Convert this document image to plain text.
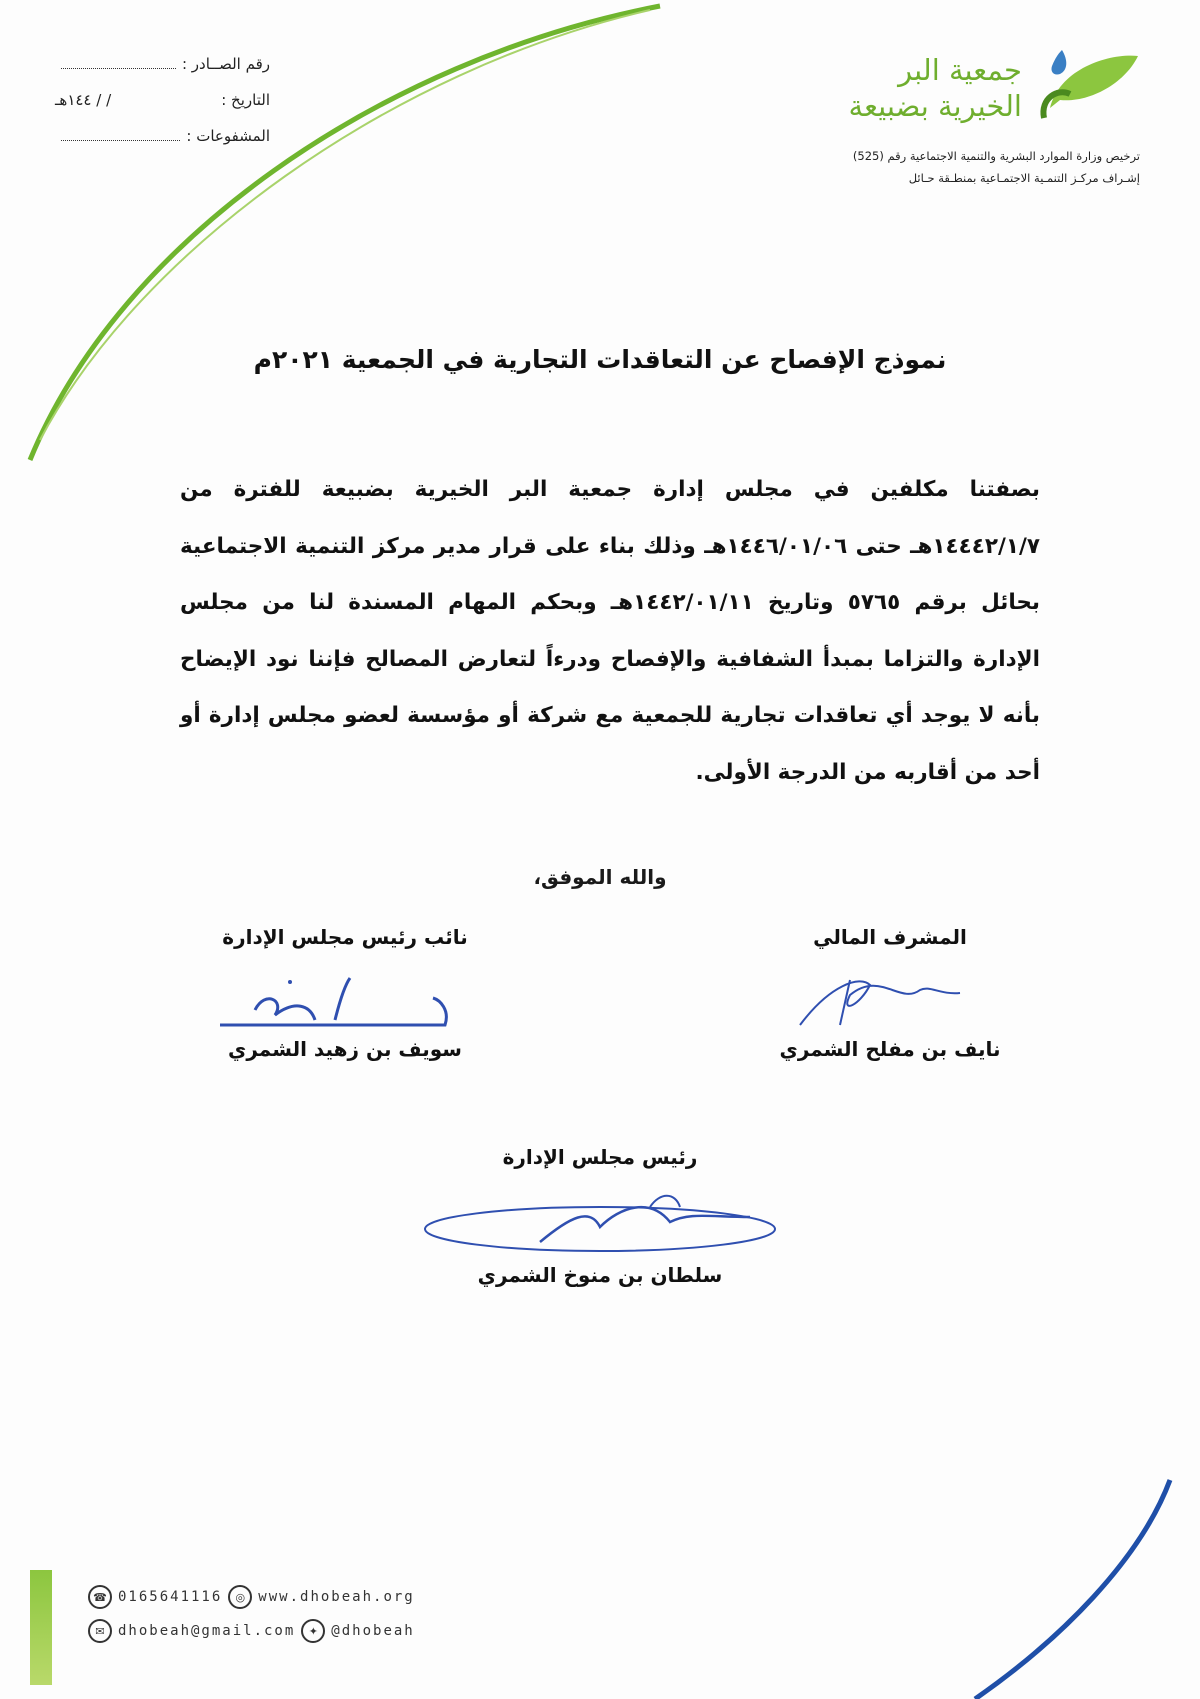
جمعية البر
الخيرية بضبيعة
ترخيص وزارة الموارد البشرية والتنمية الاجتماعية رقم (525)
إشـراف مركـز التنمـية الاجتمـاعية بمنطـقة حـائل
رقم الصــادر :
التاريخ :
/ / ١٤٤هـ
المشفوعات :
نموذج الإفصاح عن التعاقدات التجارية في الجمعية ٢٠٢١م
بصفتنا مكلفين في مجلس إدارة جمعية البر الخيرية بضبيعة للفترة من ١٤٤٤٢/١/٧هـ حتى ١٤٤٦/٠١/٠٦هـ وذلك بناء على قرار مدير مركز التنمية الاجتماعية بحائل برقم ٥٧٦٥ وتاريخ ١٤٤٢/٠١/١١هـ وبحكم المهام المسندة لنا من مجلس الإدارة والتزاما بمبدأ الشفافية والإفصاح ودرءاً لتعارض المصالح فإننا نود الإيضاح بأنه لا يوجد أي تعاقدات تجارية للجمعية مع شركة أو مؤسسة لعضو مجلس إدارة أو أحد من أقاربه من الدرجة الأولى.
والله الموفق،
المشرف المالي
نايف بن مفلح الشمري
نائب رئيس مجلس الإدارة
سويف بن زهيد الشمري
رئيس مجلس الإدارة
سلطان بن منوخ الشمري
☎ 0165641116	◎ www.dhobeah.org
✉ dhobeah@gmail.com	✦ @dhobeah
